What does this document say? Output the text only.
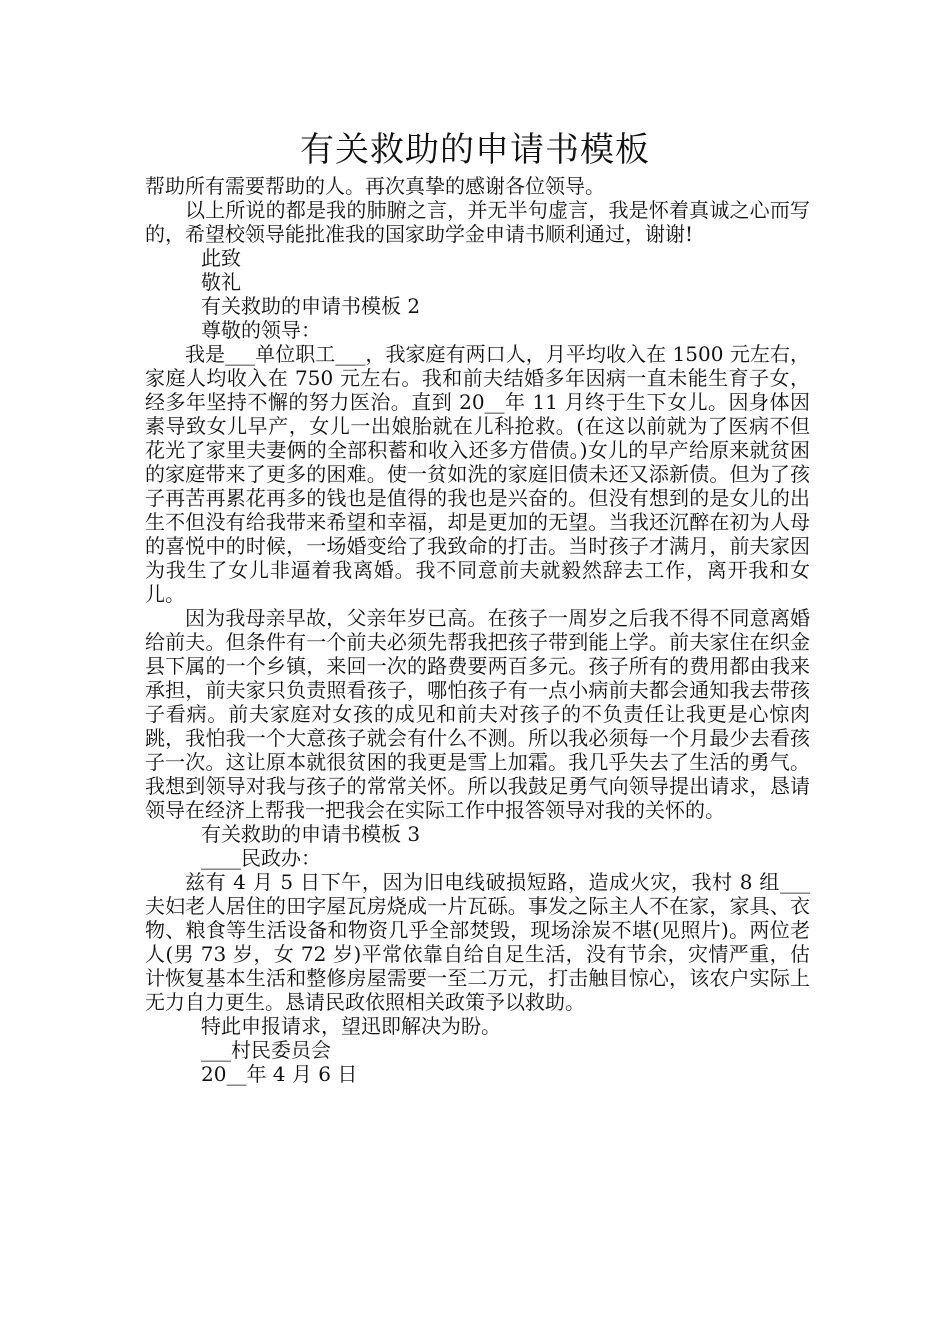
有关救助的申请书模板

帮助所有需要帮助的人。再次真挚的感谢各位领导。

以上所说的都是我的肺腑之言，并无半句虚言，我是怀着真诚之心而写的，希望校领导能批准我的国家助学金申请书顺利通过，谢谢!

此致

敬礼

有关救助的申请书模板 2

尊敬的领导：

我是___单位职工___，我家庭有两口人，月平均收入在 1500 元左右，家庭人均收入在 750 元左右。我和前夫结婚多年因病一直未能生育子女，经多年坚持不懈的努力医治。直到 20__年 11 月终于生下女儿。因身体因素导致女儿早产，女儿一出娘胎就在儿科抢救。(在这以前就为了医病不但花光了家里夫妻俩的全部积蓄和收入还多方借债。)女儿的早产给原来就贫困的家庭带来了更多的困难。使一贫如洗的家庭旧债未还又添新债。但为了孩子再苦再累花再多的钱也是值得的我也是兴奋的。但没有想到的是女儿的出生不但没有给我带来希望和幸福，却是更加的无望。当我还沉醉在初为人母的喜悦中的时候，一场婚变给了我致命的打击。当时孩子才满月，前夫家因为我生了女儿非逼着我离婚。我不同意前夫就毅然辞去工作，离开我和女儿。

因为我母亲早故，父亲年岁已高。在孩子一周岁之后我不得不同意离婚给前夫。但条件有一个前夫必须先帮我把孩子带到能上学。前夫家住在织金县下属的一个乡镇，来回一次的路费要两百多元。孩子所有的费用都由我来承担，前夫家只负责照看孩子，哪怕孩子有一点小病前夫都会通知我去带孩子看病。前夫家庭对女孩的成见和前夫对孩子的不负责任让我更是心惊肉跳，我怕我一个大意孩子就会有什么不测。所以我必须每一个月最少去看孩子一次。这让原本就很贫困的我更是雪上加霜。我几乎失去了生活的勇气。我想到领导对我与孩子的常常关怀。所以我鼓足勇气向领导提出请求，恳请领导在经济上帮我一把我会在实际工作中报答领导对我的关怀的。

有关救助的申请书模板 3

____民政办：

兹有 4 月 5 日下午，因为旧电线破损短路，造成火灾，我村 8 组___夫妇老人居住的田字屋瓦房烧成一片瓦砾。事发之际主人不在家，家具、衣物、粮食等生活设备和物资几乎全部焚毁，现场涂炭不堪(见照片)。两位老人(男 73 岁，女 72 岁)平常依靠自给自足生活，没有节余，灾情严重，估计恢复基本生活和整修房屋需要一至二万元，打击触目惊心，该农户实际上无力自力更生。恳请民政依照相关政策予以救助。

特此申报请求，望迅即解决为盼。

___村民委员会

20__年 4 月 6 日
